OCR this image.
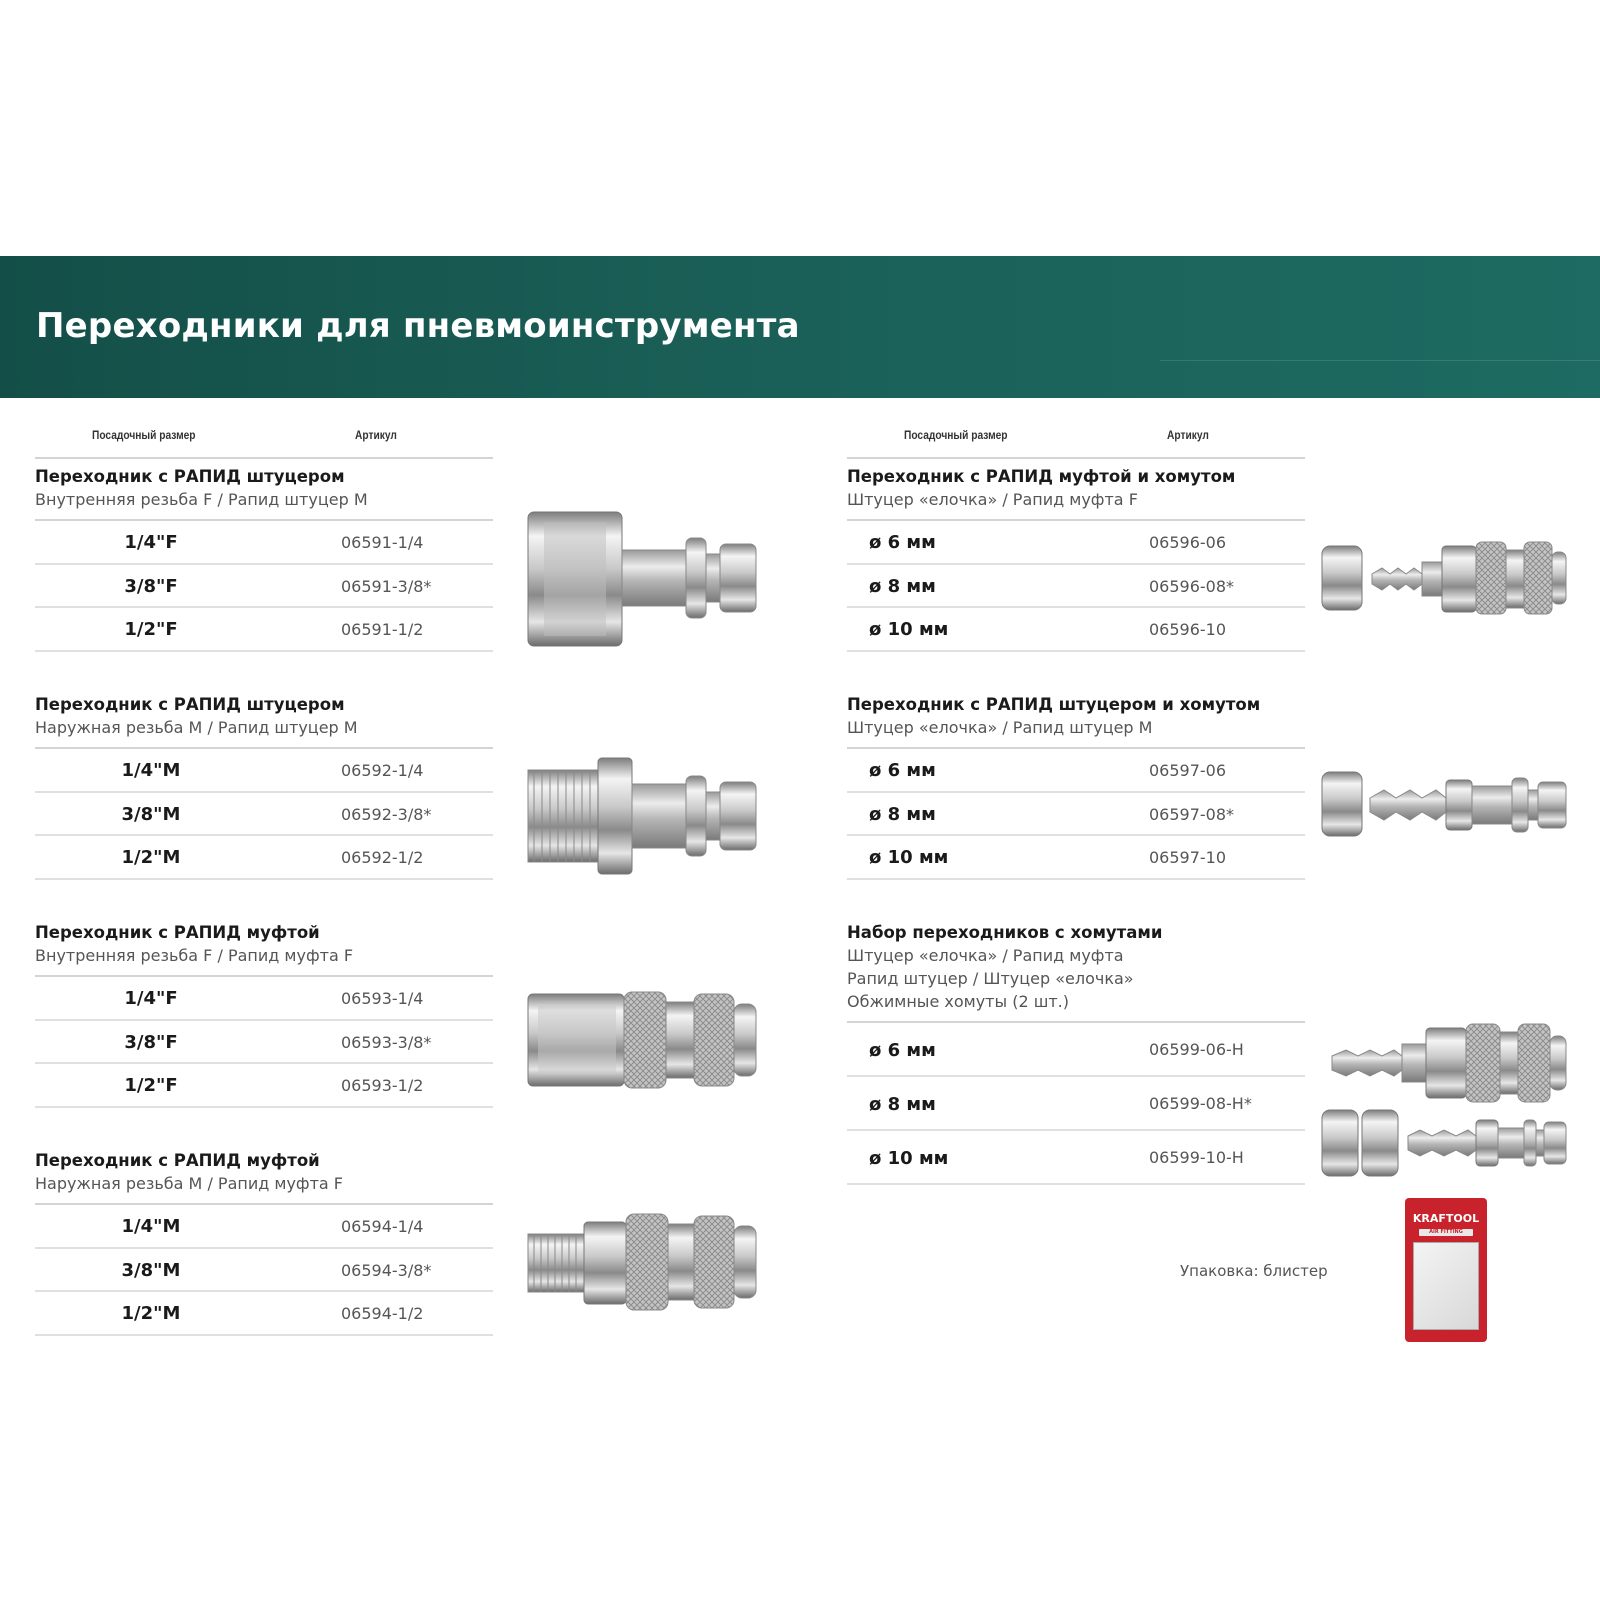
Переходники для пневмоинструмента
Посадочный размер	Артикул	Посадочный размер	Артикул
Переходник с РАПИД штуцером
Внутренняя резьба F / Рапид штуцер M
1/4"F	06591-1/4
3/8"F	06591-3/8*
1/2"F	06591-1/2
Переходник с РАПИД штуцером
Наружная резьба M / Рапид штуцер M
1/4"M	06592-1/4
3/8"M	06592-3/8*
1/2"M	06592-1/2
Переходник с РАПИД муфтой
Внутренняя резьба F / Рапид муфта F
1/4"F	06593-1/4
3/8"F	06593-3/8*
1/2"F	06593-1/2
Переходник с РАПИД муфтой
Наружная резьба M / Рапид муфта F
1/4"M	06594-1/4
3/8"M	06594-3/8*
1/2"M	06594-1/2
Переходник с РАПИД муфтой и хомутом
Штуцер «елочка» / Рапид муфта F
ø 6 мм	06596-06
ø 8 мм	06596-08*
ø 10 мм	06596-10
Переходник с РАПИД штуцером и хомутом
Штуцер «елочка» / Рапид штуцер M
ø 6 мм	06597-06
ø 8 мм	06597-08*
ø 10 мм	06597-10
Набор переходников с хомутами
Штуцер «елочка» / Рапид муфта
Рапид штуцер / Штуцер «елочка»
Обжимные хомуты (2 шт.)
ø 6 мм	06599-06-H
ø 8 мм	06599-08-H*
ø 10 мм	06599-10-H
Упаковка: блистер
KRAFTOOL
AIR FITTING
